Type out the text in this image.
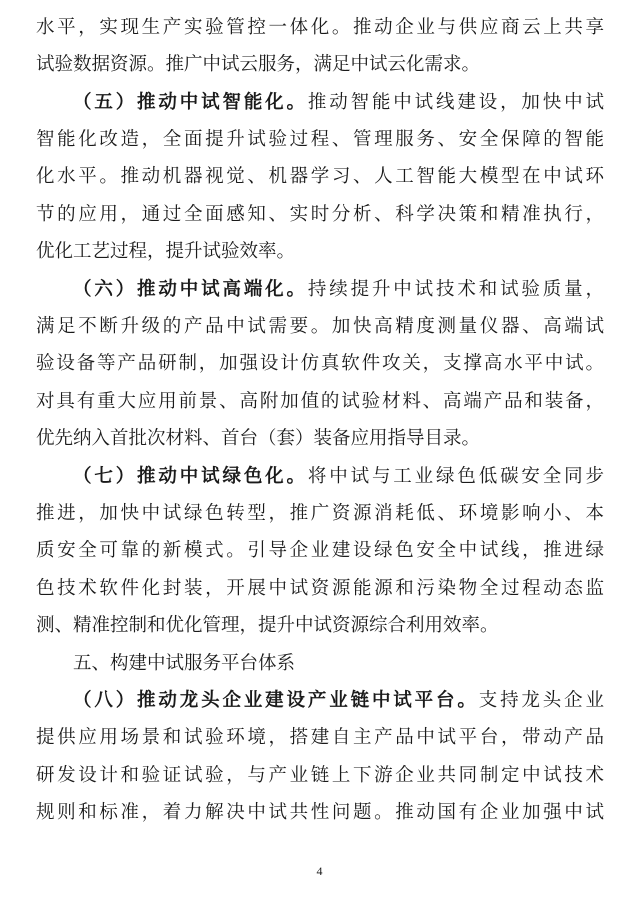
水平，实现生产实验管控一体化。推动企业与供应商云上共享
试验数据资源。推广中试云服务，满足中试云化需求。
（五）推动中试智能化。推动智能中试线建设，加快中试
智能化改造，全面提升试验过程、管理服务、安全保障的智能
化水平。推动机器视觉、机器学习、人工智能大模型在中试环
节的应用，通过全面感知、实时分析、科学决策和精准执行，
优化工艺过程，提升试验效率。
（六）推动中试高端化。持续提升中试技术和试验质量，
满足不断升级的产品中试需要。加快高精度测量仪器、高端试
验设备等产品研制，加强设计仿真软件攻关，支撑高水平中试。
对具有重大应用前景、高附加值的试验材料、高端产品和装备，
优先纳入首批次材料、首台（套）装备应用指导目录。
（七）推动中试绿色化。将中试与工业绿色低碳安全同步
推进，加快中试绿色转型，推广资源消耗低、环境影响小、本
质安全可靠的新模式。引导企业建设绿色安全中试线，推进绿
色技术软件化封装，开展中试资源能源和污染物全过程动态监
测、精准控制和优化管理，提升中试资源综合利用效率。
五、构建中试服务平台体系
（八）推动龙头企业建设产业链中试平台。支持龙头企业
提供应用场景和试验环境，搭建自主产品中试平台，带动产品
研发设计和验证试验，与产业链上下游企业共同制定中试技术
规则和标准，着力解决中试共性问题。推动国有企业加强中试
4
